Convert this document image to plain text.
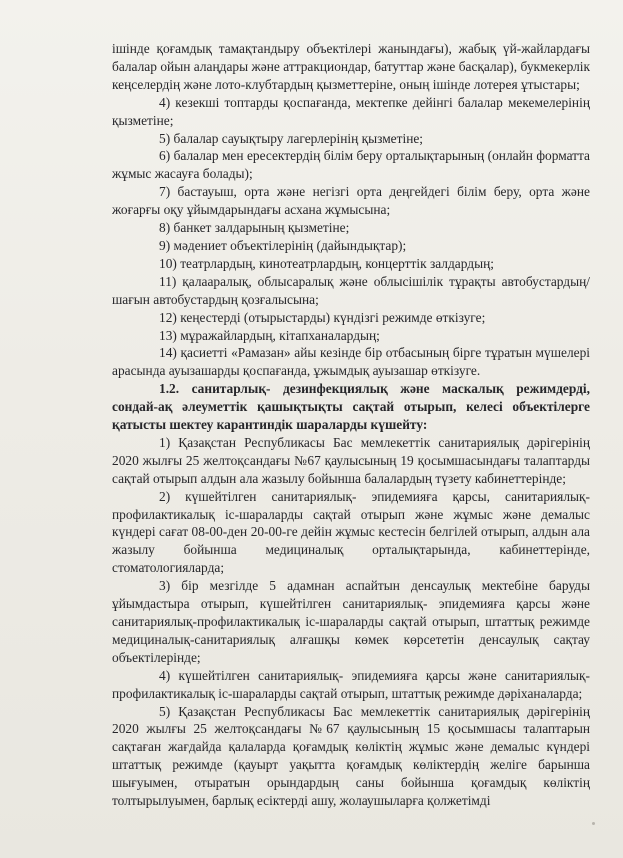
ішінде қоғамдық тамақтандыру объектілері жанындағы), жабық үй-жайлардағы балалар ойын алаңдары және аттракциондар, батуттар және басқалар), букмекерлік кеңселердің және лото-клубтардың қызметтеріне, оның ішінде лотерея ұтыстары;

4) кезекші топтарды қоспағанда, мектепке дейінгі балалар мекемелерінің қызметіне;

5) балалар сауықтыру лагерлерінің қызметіне;

6) балалар мен ересектердің білім беру орталықтарының (онлайн форматта жұмыс жасауға болады);

7) бастауыш, орта және негізгі орта деңгейдегі білім беру, орта және жоғарғы оқу ұйымдарындағы асхана жұмысына;

8) банкет залдарының қызметіне;

9) мәдениет объектілерінің (дайындықтар);

10) театрлардың, кинотеатрлардың, концерттік залдардың;

11) қалааралық, облысаралық және облысішілік тұрақты автобустардың/шағын автобустардың қозғалысына;

12) кеңестерді (отырыстарды) күндізгі режимде өткізуге;

13) мұражайлардың, кітапханалардың;

14) қасиетті «Рамазан» айы кезінде бір отбасының бірге тұратын мүшелері арасында ауызашарды қоспағанда, ұжымдық ауызашар өткізуге.

1.2. санитарлық- дезинфекциялық және маскалық режимдерді, сондай-ақ әлеуметтік қашықтықты сақтай отырып, келесі объектілерге қатысты шектеу карантиндік шараларды күшейту:

1) Қазақстан Республикасы Бас мемлекеттік санитариялық дәрігерінің 2020 жылғы 25 желтоқсандағы №67 қаулысының 19 қосымшасындағы талаптарды сақтай отырып алдын ала жазылу бойынша балалардың түзету кабинеттерінде;

2) күшейтілген санитариялық- эпидемияға қарсы, санитариялық-профилактикалық іс-шараларды сақтай отырып және жұмыс және демалыс күндері сағат 08-00-ден 20-00-ге дейін жұмыс кестесін белгілей отырып, алдын ала жазылу бойынша медициналық орталықтарында, кабинеттерінде, стоматологияларда;

3) бір мезгілде 5 адамнан аспайтын денсаулық мектебіне баруды ұйымдастыра отырып, күшейтілген санитариялық- эпидемияға қарсы және санитариялық-профилактикалық іс-шараларды сақтай отырып, штаттық режимде медициналық-санитариялық алғашқы көмек көрсететін денсаулық сақтау объектілерінде;

4) күшейтілген санитариялық- эпидемияға қарсы және санитариялық-профилактикалық іс-шараларды сақтай отырып, штаттық режимде дәріханаларда;

5) Қазақстан Республикасы Бас мемлекеттік санитариялық дәрігерінің 2020 жылғы 25 желтоқсандағы №67 қаулысының 15 қосымшасы талаптарын сақтаған жағдайда қалаларда қоғамдық көліктің жұмыс және демалыс күндері штаттық режимде (қауырт уақытта қоғамдық көліктердің желіге барынша шығуымен, отыратын орындардың саны бойынша қоғамдық көліктің толтырылуымен, барлық есіктерді ашу, жолаушыларға қолжетімді
